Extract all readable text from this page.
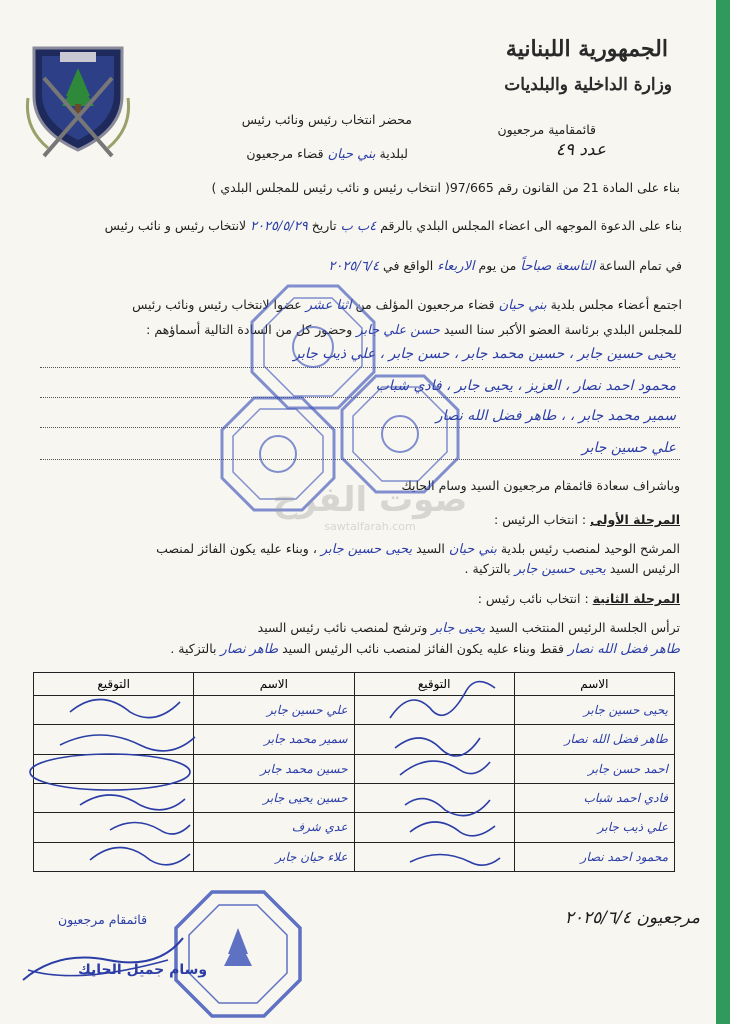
الجمهورية اللبنانية
وزارة الداخلية والبلديات
قائمقامية مرجعيون
عدد ٤٩
محضر انتخاب رئيس ونائب رئيس
لبلدية بني حيان قضاء مرجعيون
بناء على المادة 21 من القانون رقم 97/665( انتخاب رئيس و نائب رئيس للمجلس البلدي )
بناء على الدعوة الموجهه الى اعضاء المجلس البلدي بالرقم ٤ب ب تاريخ ٢٠٢٥/٥/٢٩ لانتخاب رئيس و نائب رئيس
في تمام الساعة التاسعة صباحاً من يوم الاربعاء الواقع في ٢٠٢٥/٦/٤
اجتمع أعضاء مجلس بلدية بني حيان قضاء مرجعيون المؤلف من اثنا عشر عضوا لانتخاب رئيس ونائب رئيس
للمجلس البلدي برئاسة العضو الأكبر سنا السيد حسن علي جابر وحضور كل من السادة التالية أسماؤهم :
يحيى حسين جابر ، حسين محمد جابر ، حسن جابر ، علي ذيب جابر
محمود احمد نصار ، العزيز ، يحيى جابر ، فادي شباب
سمير محمد جابر ، ، طاهر فضل الله نصار
علي حسين جابر
وباشراف سعادة قائمقام مرجعيون السيد وسام الحايك
المرحلة الأولى : انتخاب الرئيس :
المرشح الوحيد لمنصب رئيس بلدية بني حيان السيد يحيى حسين جابر ، وبناء عليه يكون الفائز لمنصب
الرئيس السيد يحيى حسين جابر بالتزكية .
المرحلة الثانية : انتخاب نائب رئيس :
ترأس الجلسة الرئيس المنتخب السيد يحيى جابر وترشح لمنصب نائب رئيس السيد
طاهر فضل الله نصار فقط وبناء عليه يكون الفائز لمنصب نائب الرئيس السيد طاهر نصار بالتزكية .
الاسم	التوقيع	الاسم	التوقيع
يحيى حسين جابر		علي حسين جابر	
طاهر فضل الله نصار		سمير محمد جابر	
احمد حسن جابر		حسين محمد جابر	
فادي احمد شباب		حسين يحيى جابر	
علي ذيب جابر		عدي شرف	
محمود احمد نصار		علاء حيان جابر	
صوت الفرح
sawtalfarah.com
قائمقام مرجعيون
وسام جميل الحايك
مرجعيون ٢٠٢٥/٦/٤
